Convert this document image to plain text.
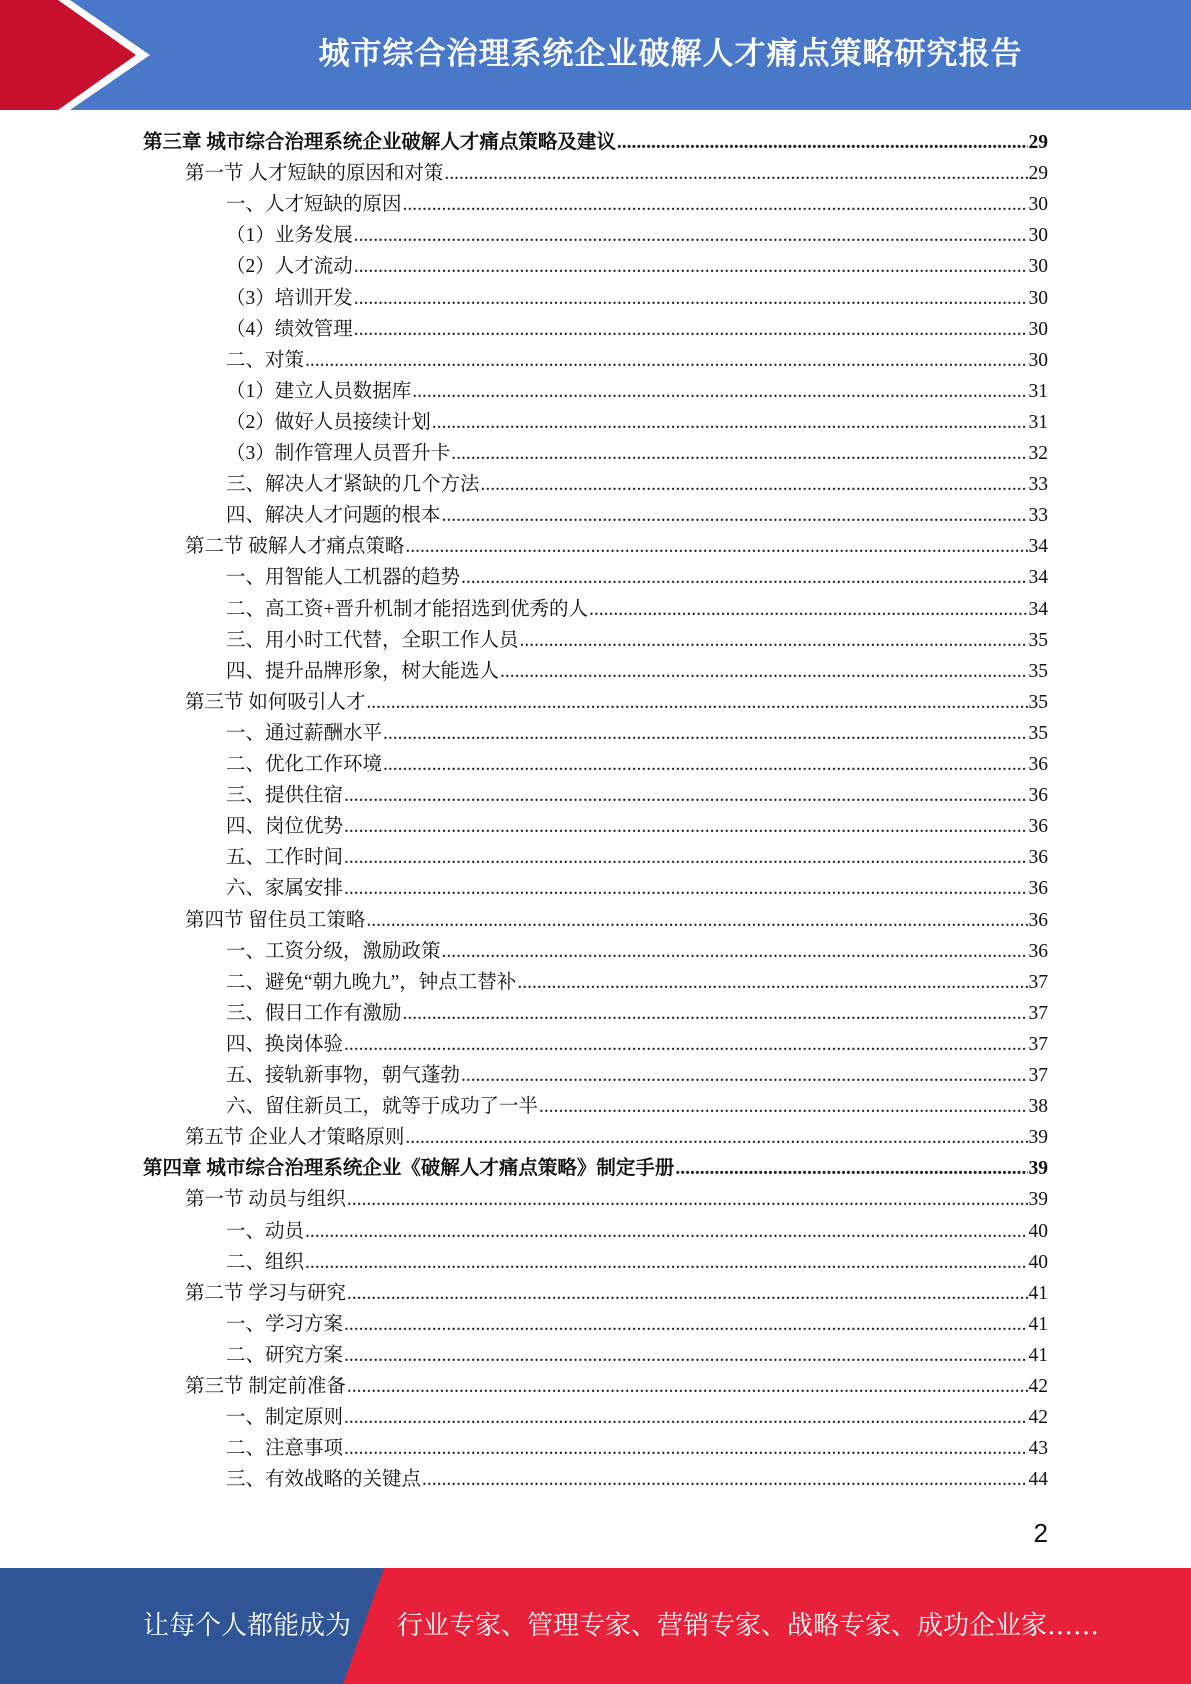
城市综合治理系统企业破解人才痛点策略研究报告
第三章 城市综合治理系统企业破解人才痛点策略及建议 .....	29
第一节 人才短缺的原因和对策 .....	29
一、人才短缺的原因 .....	30
（1）业务发展 .....	30
（2）人才流动 .....	30
（3）培训开发 .....	30
（4）绩效管理 .....	30
二、对策 .....	30
（1）建立人员数据库 .....	31
（2）做好人员接续计划 .....	31
（3）制作管理人员晋升卡 .....	32
三、解决人才紧缺的几个方法 .....	33
四、解决人才问题的根本 .....	33
第二节 破解人才痛点策略 .....	34
一、用智能人工机器的趋势 .....	34
二、高工资+晋升机制才能招选到优秀的人 .....	34
三、用小时工代替，全职工作人员 .....	35
四、提升品牌形象，树大能选人 .....	35
第三节 如何吸引人才 .....	35
一、通过薪酬水平 .....	35
二、优化工作环境 .....	36
三、提供住宿 .....	36
四、岗位优势 .....	36
五、工作时间 .....	36
六、家属安排 .....	36
第四节 留住员工策略 .....	36
一、工资分级，激励政策 .....	36
二、避免“朝九晚九”，钟点工替补 .....	37
三、假日工作有激励 .....	37
四、换岗体验 .....	37
五、接轨新事物，朝气蓬勃 .....	37
六、留住新员工，就等于成功了一半 .....	38
第五节 企业人才策略原则 .....	39
第四章 城市综合治理系统企业《破解人才痛点策略》制定手册 .....	39
第一节 动员与组织 .....	39
一、动员 .....	40
二、组织 .....	40
第二节 学习与研究 .....	41
一、学习方案 .....	41
二、研究方案 .....	41
第三节 制定前准备 .....	42
一、制定原则 .....	42
二、注意事项 .....	43
三、有效战略的关键点 .....	44
2
让每个人都能成为 行业专家、管理专家、营销专家、战略专家、成功企业家……
